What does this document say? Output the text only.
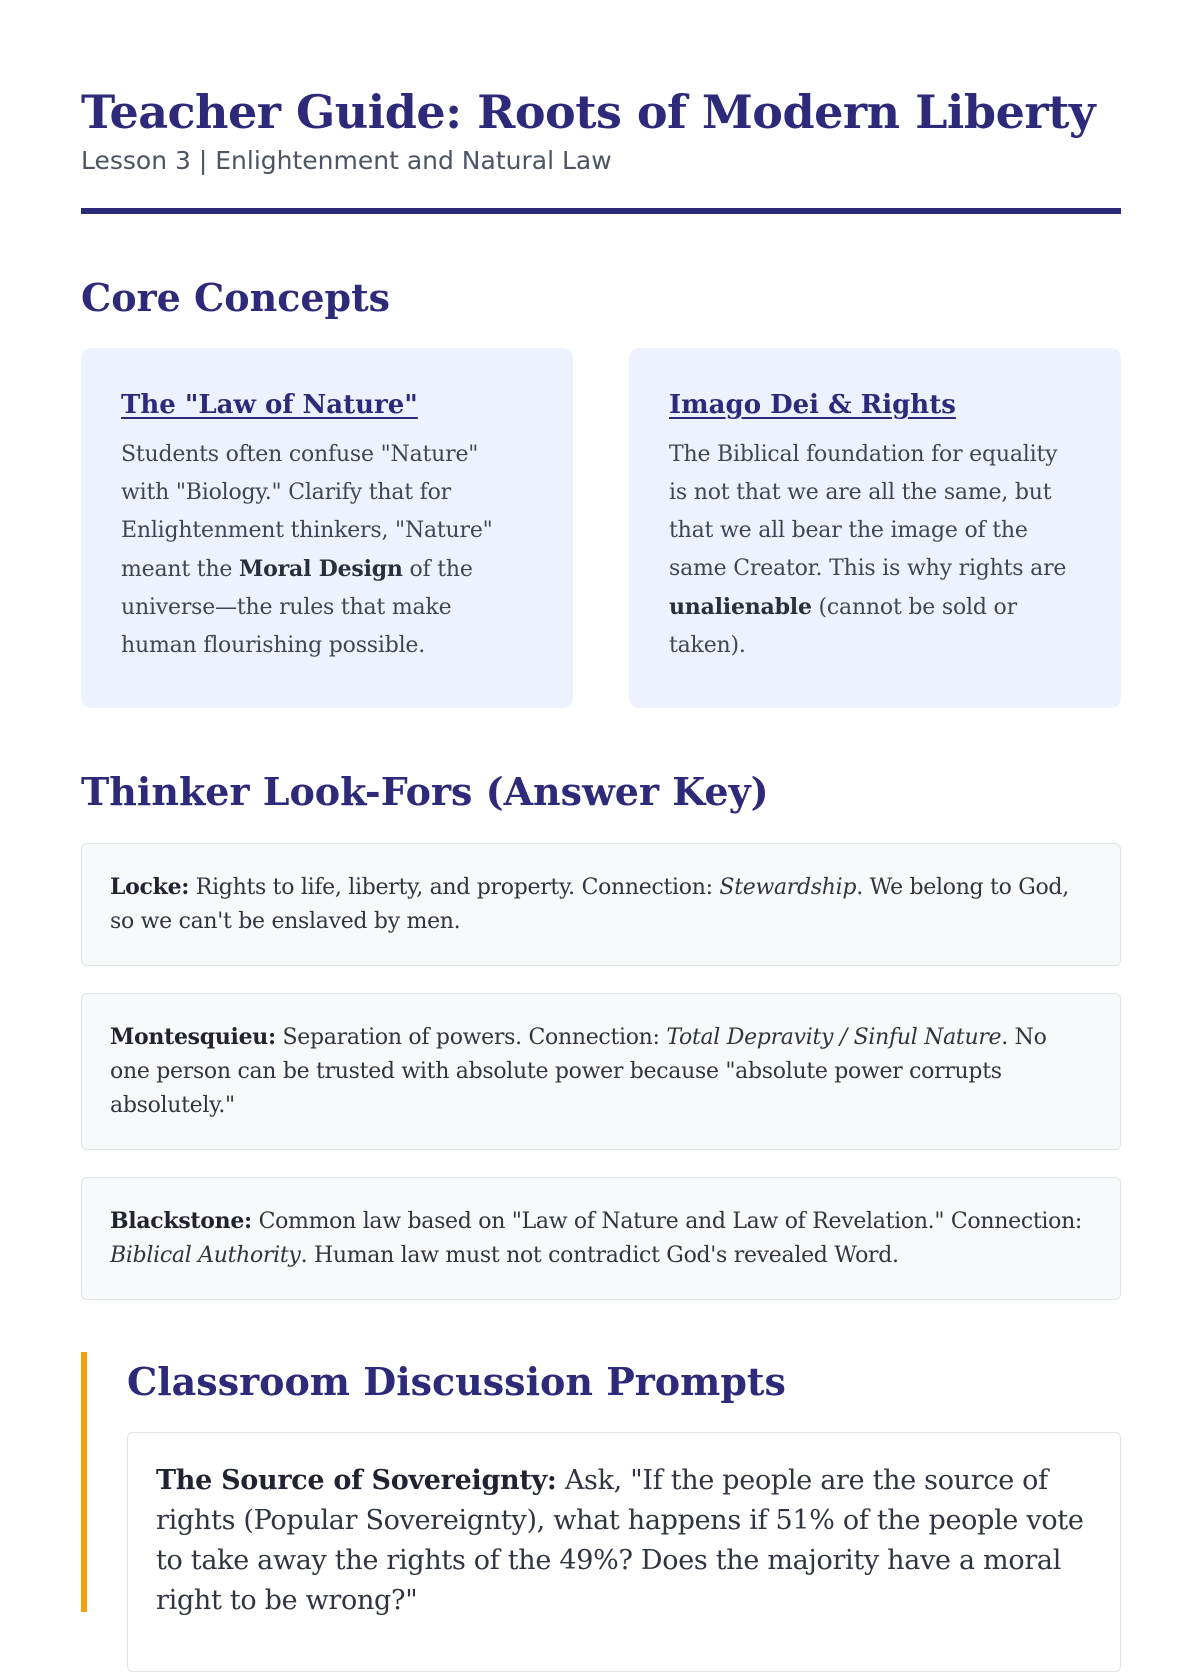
Teacher Guide: Roots of Modern Liberty

Lesson 3 | Enlightenment and Natural Law

Core Concepts
The "Law of Nature"

Students often confuse "Nature" with "Biology." Clarify that for Enlightenment thinkers, "Nature" meant the Moral Design of the universe—the rules that make human flourishing possible.

Imago Dei & Rights

The Biblical foundation for equality is not that we are all the same, but that we all bear the image of the same Creator. This is why rights are unalienable (cannot be sold or taken).

Thinker Look-Fors (Answer Key)
Locke: Rights to life, liberty, and property. Connection: Stewardship. We belong to God, so we can't be enslaved by men.
Montesquieu: Separation of powers. Connection: Total Depravity / Sinful Nature. No one person can be trusted with absolute power because "absolute power corrupts absolutely."
Blackstone: Common law based on "Law of Nature and Law of Revelation." Connection: Biblical Authority. Human law must not contradict God's revealed Word.
Classroom Discussion Prompts
The Source of Sovereignty: Ask, "If the people are the source of rights (Popular Sovereignty), what happens if 51% of the people vote to take away the rights of the 49%? Does the majority have a moral right to be wrong?"
